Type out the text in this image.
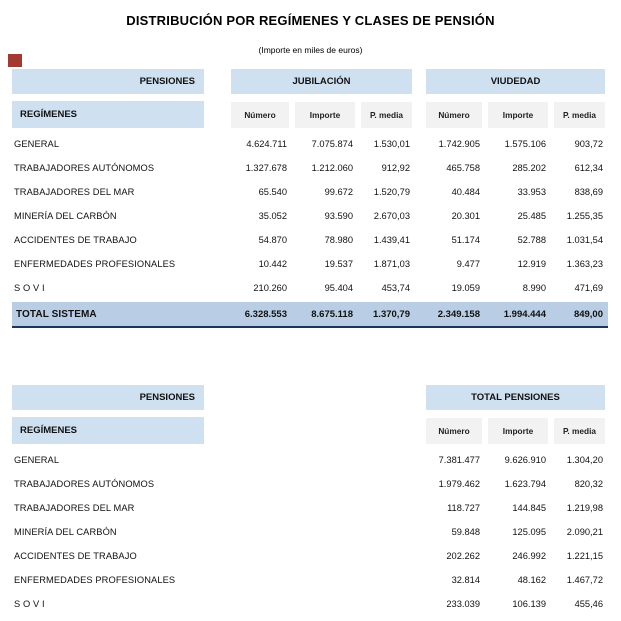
DISTRIBUCIÓN POR REGÍMENES Y CLASES DE PENSIÓN
(Importe en miles de euros)
PENSIONES	JUBILACIÓN	VIUDEDAD
REGÍMENES	Número	Importe	P. media	Número	Importe	P. media
GENERAL	4.624.711	7.075.874	1.530,01	1.742.905	1.575.106	903,72
TRABAJADORES AUTÓNOMOS	1.327.678	1.212.060	912,92	465.758	285.202	612,34
TRABAJADORES DEL MAR	65.540	99.672	1.520,79	40.484	33.953	838,69
MINERÍA DEL CARBÓN	35.052	93.590	2.670,03	20.301	25.485	1.255,35
ACCIDENTES DE TRABAJO	54.870	78.980	1.439,41	51.174	52.788	1.031,54
ENFERMEDADES PROFESIONALES	10.442	19.537	1.871,03	9.477	12.919	1.363,23
S O V I	210.260	95.404	453,74	19.059	8.990	471,69
TOTAL SISTEMA	6.328.553	8.675.118	1.370,79	2.349.158	1.994.444	849,00
PENSIONES	TOTAL PENSIONES
REGÍMENES	Número	Importe	P. media
GENERAL	7.381.477	9.626.910	1.304,20
TRABAJADORES AUTÓNOMOS	1.979.462	1.623.794	820,32
TRABAJADORES DEL MAR	118.727	144.845	1.219,98
MINERÍA DEL CARBÓN	59.848	125.095	2.090,21
ACCIDENTES DE TRABAJO	202.262	246.992	1.221,15
ENFERMEDADES PROFESIONALES	32.814	48.162	1.467,72
S O V I	233.039	106.139	455,46
